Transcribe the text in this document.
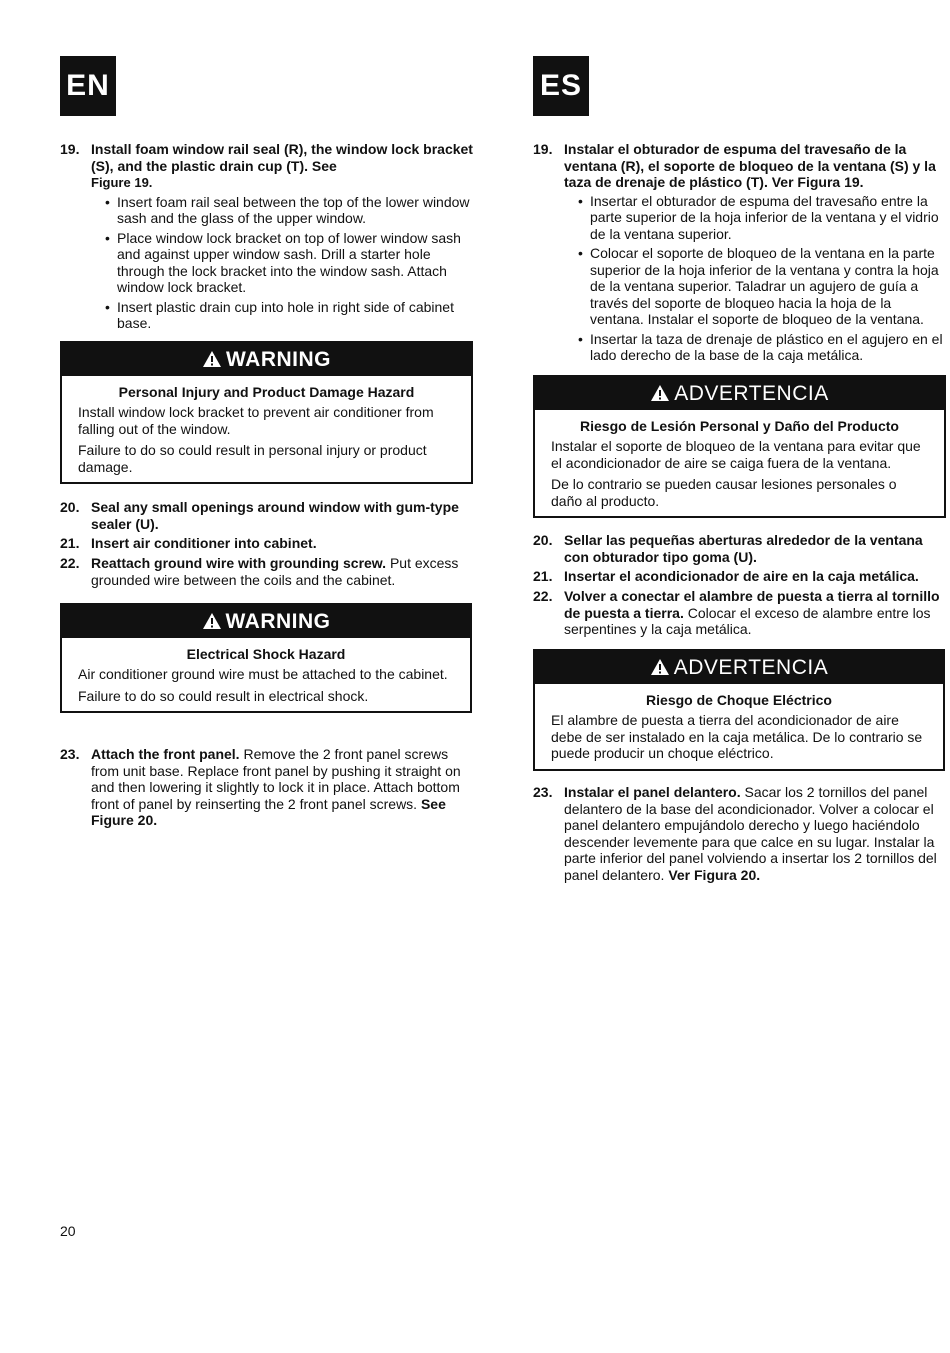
EN
19. Install foam window rail seal (R), the window lock bracket (S), and the plastic drain cup (T). See
Figure 19.
• Insert foam rail seal between the top of the lower window sash and the glass of the upper window.
• Place window lock bracket on top of lower window sash and against upper window sash. Drill a starter hole through the lock bracket into the window sash. Attach window lock bracket.
• Insert plastic drain cup into hole in right side of cabinet base.
WARNING
Personal Injury and Product Damage Hazard
Install window lock bracket to prevent air conditioner from falling out of the window.
Failure to do so could result in personal injury or product damage.
20. Seal any small openings around window with gum-type sealer (U).
21. Insert air conditioner into cabinet.
22. Reattach ground wire with grounding screw. Put excess grounded wire between the coils and the cabinet.
WARNING
Electrical Shock Hazard
Air conditioner ground wire must be attached to the cabinet.
Failure to do so could result in electrical shock.
23. Attach the front panel. Remove the 2 front panel screws from unit base. Replace front panel by pushing it straight on and then lowering it slightly to lock it in place. Attach bottom front of panel by reinserting the 2 front panel screws. See Figure 20.
ES
19. Instalar el obturador de espuma del travesaño de la ventana (R), el soporte de bloqueo de la ventana (S) y la taza de drenaje de plástico (T). Ver Figura 19.
• Insertar el obturador de espuma del travesaño entre la parte superior de la hoja inferior de la ventana y el vidrio de la ventana superior.
• Colocar el soporte de bloqueo de la ventana en la parte superior de la hoja inferior de la ventana y contra la hoja de la ventana superior. Taladrar un agujero de guía a través del soporte de bloqueo hacia la hoja de la ventana. Instalar el soporte de bloqueo de la ventana.
• Insertar la taza de drenaje de plástico en el agujero en el lado derecho de la base de la caja metálica.
ADVERTENCIA
Riesgo de Lesión Personal y Daño del Producto
Instalar el soporte de bloqueo de la ventana para evitar que el acondicionador de aire se caiga fuera de la ventana.
De lo contrario se pueden causar lesiones personales o daño al producto.
20. Sellar las pequeñas aberturas alrededor de la ventana con obturador tipo goma (U).
21. Insertar el acondicionador de aire en la caja metálica.
22. Volver a conectar el alambre de puesta a tierra al tornillo de puesta a tierra. Colocar el exceso de alambre entre los serpentines y la caja metálica.
ADVERTENCIA
Riesgo de Choque Eléctrico
El alambre de puesta a tierra del acondicionador de aire debe de ser instalado en la caja metálica. De lo contrario se puede producir un choque eléctrico.
23. Instalar el panel delantero. Sacar los 2 tornillos del panel delantero de la base del acondicionador. Volver a colocar el panel delantero empujándolo derecho y luego haciéndolo descender levemente para que calce en su lugar. Instalar la parte inferior del panel volviendo a insertar los 2 tornillos del panel delantero. Ver Figura 20.
20
